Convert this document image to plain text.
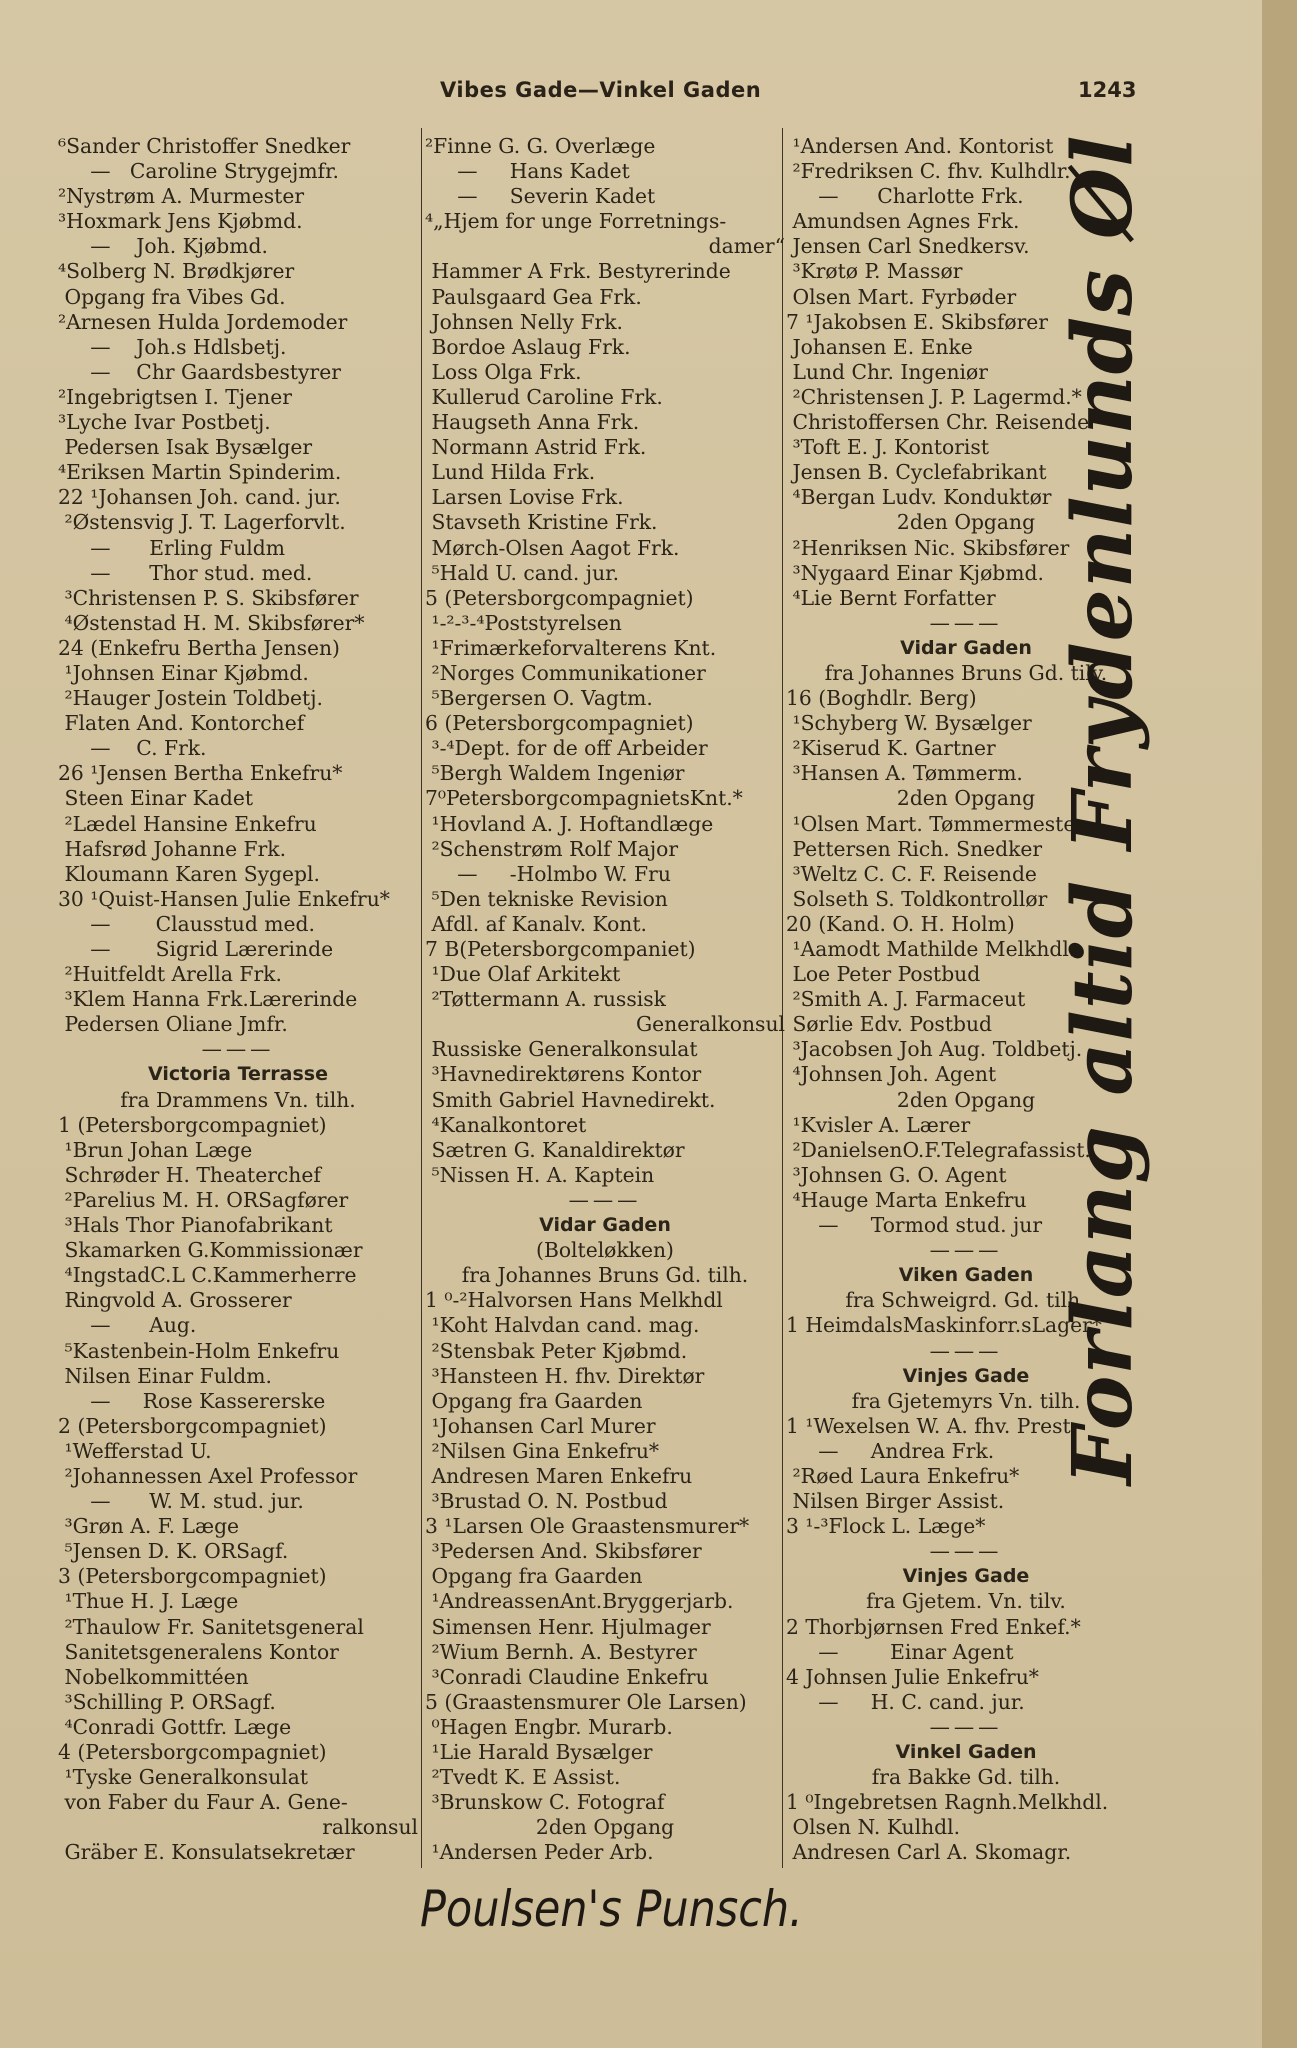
Vibes Gade—Vinkel Gaden	1243
⁶Sander Christoffer Snedker
—   Caroline Strygejmfr.
²Nystrøm A. Murmester
³Hoxmark Jens Kjøbmd.
—    Joh. Kjøbmd.
⁴Solberg N. Brødkjører
Opgang fra Vibes Gd.
²Arnesen Hulda Jordemoder
—    Joh.s Hdlsbetj.
—    Chr Gaardsbestyrer
²Ingebrigtsen I. Tjener
³Lyche Ivar Postbetj.
Pedersen Isak Bysælger
⁴Eriksen Martin Spinderim.
22 ¹Johansen Joh. cand. jur.
²Østensvig J. T. Lagerforvlt.
—      Erling Fuldm
—      Thor stud. med.
³Christensen P. S. Skibsfører
⁴Østenstad H. M. Skibsfører*
24 (Enkefru Bertha Jensen)
¹Johnsen Einar Kjøbmd.
²Hauger Jostein Toldbetj.
Flaten And. Kontorchef
—    C. Frk.
26 ¹Jensen Bertha Enkefru*
Steen Einar Kadet
²Lædel Hansine Enkefru
Hafsrød Johanne Frk.
Kloumann Karen Sygepl.
30 ¹Quist-Hansen Julie Enkefru*
—       Clausstud med.
—       Sigrid Lærerinde
²Huitfeldt Arella Frk.
³Klem Hanna Frk.Lærerinde
Pedersen Oliane Jmfr.
———
Victoria Terrasse
fra Drammens Vn. tilh.
1 (Petersborgcompagniet)
¹Brun Johan Læge
Schrøder H. Theaterchef
²Parelius M. H. ORSagfører
³Hals Thor Pianofabrikant
Skamarken G.Kommissionær
⁴IngstadC.L C.Kammerherre
Ringvold A. Grosserer
—      Aug.
⁵Kastenbein-Holm Enkefru
Nilsen Einar Fuldm.
—     Rose Kassererske
2 (Petersborgcompagniet)
¹Wefferstad U.
²Johannessen Axel Professor
—      W. M. stud. jur.
³Grøn A. F. Læge
⁵Jensen D. K. ORSagf.
3 (Petersborgcompagniet)
¹Thue H. J. Læge
²Thaulow Fr. Sanitetsgeneral
Sanitetsgeneralens Kontor
Nobelkommittéen
³Schilling P. ORSagf.
⁴Conradi Gottfr. Læge
4 (Petersborgcompagniet)
¹Tyske Generalkonsulat
von Faber du Faur A. Gene-
ralkonsul
Gräber E. Konsulatsekretær
²Finne G. G. Overlæge
—     Hans Kadet
—     Severin Kadet
⁴„Hjem for unge Forretnings-
damer“
Hammer A Frk. Bestyrerinde
Paulsgaard Gea Frk.
Johnsen Nelly Frk.
Bordoe Aslaug Frk.
Loss Olga Frk.
Kullerud Caroline Frk.
Haugseth Anna Frk.
Normann Astrid Frk.
Lund Hilda Frk.
Larsen Lovise Frk.
Stavseth Kristine Frk.
Mørch-Olsen Aagot Frk.
⁵Hald U. cand. jur.
5 (Petersborgcompagniet)
¹-²-³-⁴Poststyrelsen
¹Frimærkeforvalterens Knt.
²Norges Communikationer
⁵Bergersen O. Vagtm.
6 (Petersborgcompagniet)
³-⁴Dept. for de off Arbeider
⁵Bergh Waldem Ingeniør
7⁰PetersborgcompagnietsKnt.*
¹Hovland A. J. Hoftandlæge
²Schenstrøm Rolf Major
—     -Holmbo W. Fru
⁵Den tekniske Revision
Afdl. af Kanalv. Kont.
7 B(Petersborgcompaniet)
¹Due Olaf Arkitekt
²Tøttermann A. russisk
Generalkonsul
Russiske Generalkonsulat
³Havnedirektørens Kontor
Smith Gabriel Havnedirekt.
⁴Kanalkontoret
Sætren G. Kanaldirektør
⁵Nissen H. A. Kaptein
———
Vidar Gaden
(Bolteløkken)
fra Johannes Bruns Gd. tilh.
1 ⁰-²Halvorsen Hans Melkhdl
¹Koht Halvdan cand. mag.
²Stensbak Peter Kjøbmd.
³Hansteen H. fhv. Direktør
Opgang fra Gaarden
¹Johansen Carl Murer
²Nilsen Gina Enkefru*
Andresen Maren Enkefru
³Brustad O. N. Postbud
3 ¹Larsen Ole Graastensmurer*
³Pedersen And. Skibsfører
Opgang fra Gaarden
¹AndreassenAnt.Bryggerjarb.
Simensen Henr. Hjulmager
²Wium Bernh. A. Bestyrer
³Conradi Claudine Enkefru
5 (Graastensmurer Ole Larsen)
⁰Hagen Engbr. Murarb.
¹Lie Harald Bysælger
²Tvedt K. E Assist.
³Brunskow C. Fotograf
2den Opgang
¹Andersen Peder Arb.
¹Andersen And. Kontorist
²Fredriksen C. fhv. Kulhdlr.
—      Charlotte Frk.
Amundsen Agnes Frk.
Jensen Carl Snedkersv.
³Krøtø P. Massør
Olsen Mart. Fyrbøder
7 ¹Jakobsen E. Skibsfører
Johansen E. Enke
Lund Chr. Ingeniør
²Christensen J. P. Lagermd.*
Christoffersen Chr. Reisende
³Toft E. J. Kontorist
Jensen B. Cyclefabrikant
⁴Bergan Ludv. Konduktør
2den Opgang
²Henriksen Nic. Skibsfører
³Nygaard Einar Kjøbmd.
⁴Lie Bernt Forfatter
———
Vidar Gaden
fra Johannes Bruns Gd. tilv.
16 (Boghdlr. Berg)
¹Schyberg W. Bysælger
²Kiserud K. Gartner
³Hansen A. Tømmerm.
2den Opgang
¹Olsen Mart. Tømmermester
Pettersen Rich. Snedker
³Weltz C. C. F. Reisende
Solseth S. Toldkontrollør
20 (Kand. O. H. Holm)
¹Aamodt Mathilde Melkhdl.
Loe Peter Postbud
²Smith A. J. Farmaceut
Sørlie Edv. Postbud
³Jacobsen Joh Aug. Toldbetj.
⁴Johnsen Joh. Agent
2den Opgang
¹Kvisler A. Lærer
²DanielsenO.F.Telegrafassist.
³Johnsen G. O. Agent
⁴Hauge Marta Enkefru
—     Tormod stud. jur
———
Viken Gaden
fra Schweigrd. Gd. tilh.
1 HeimdalsMaskinforr.sLager*
———
Vinjes Gade
fra Gjetemyrs Vn. tilh.
1 ¹Wexelsen W. A. fhv. Prest
—     Andrea Frk.
²Røed Laura Enkefru*
Nilsen Birger Assist.
3 ¹-³Flock L. Læge*
———
Vinjes Gade
fra Gjetem. Vn. tilv.
2 Thorbjørnsen Fred Enkef.*
—        Einar Agent
4 Johnsen Julie Enkefru*
—     H. C. cand. jur.
———
Vinkel Gaden
fra Bakke Gd. tilh.
1 ⁰Ingebretsen Ragnh.Melkhdl.
Olsen N. Kulhdl.
Andresen Carl A. Skomagr.
Forlang altid Frydenlunds Øl
Poulsen's Punsch.
